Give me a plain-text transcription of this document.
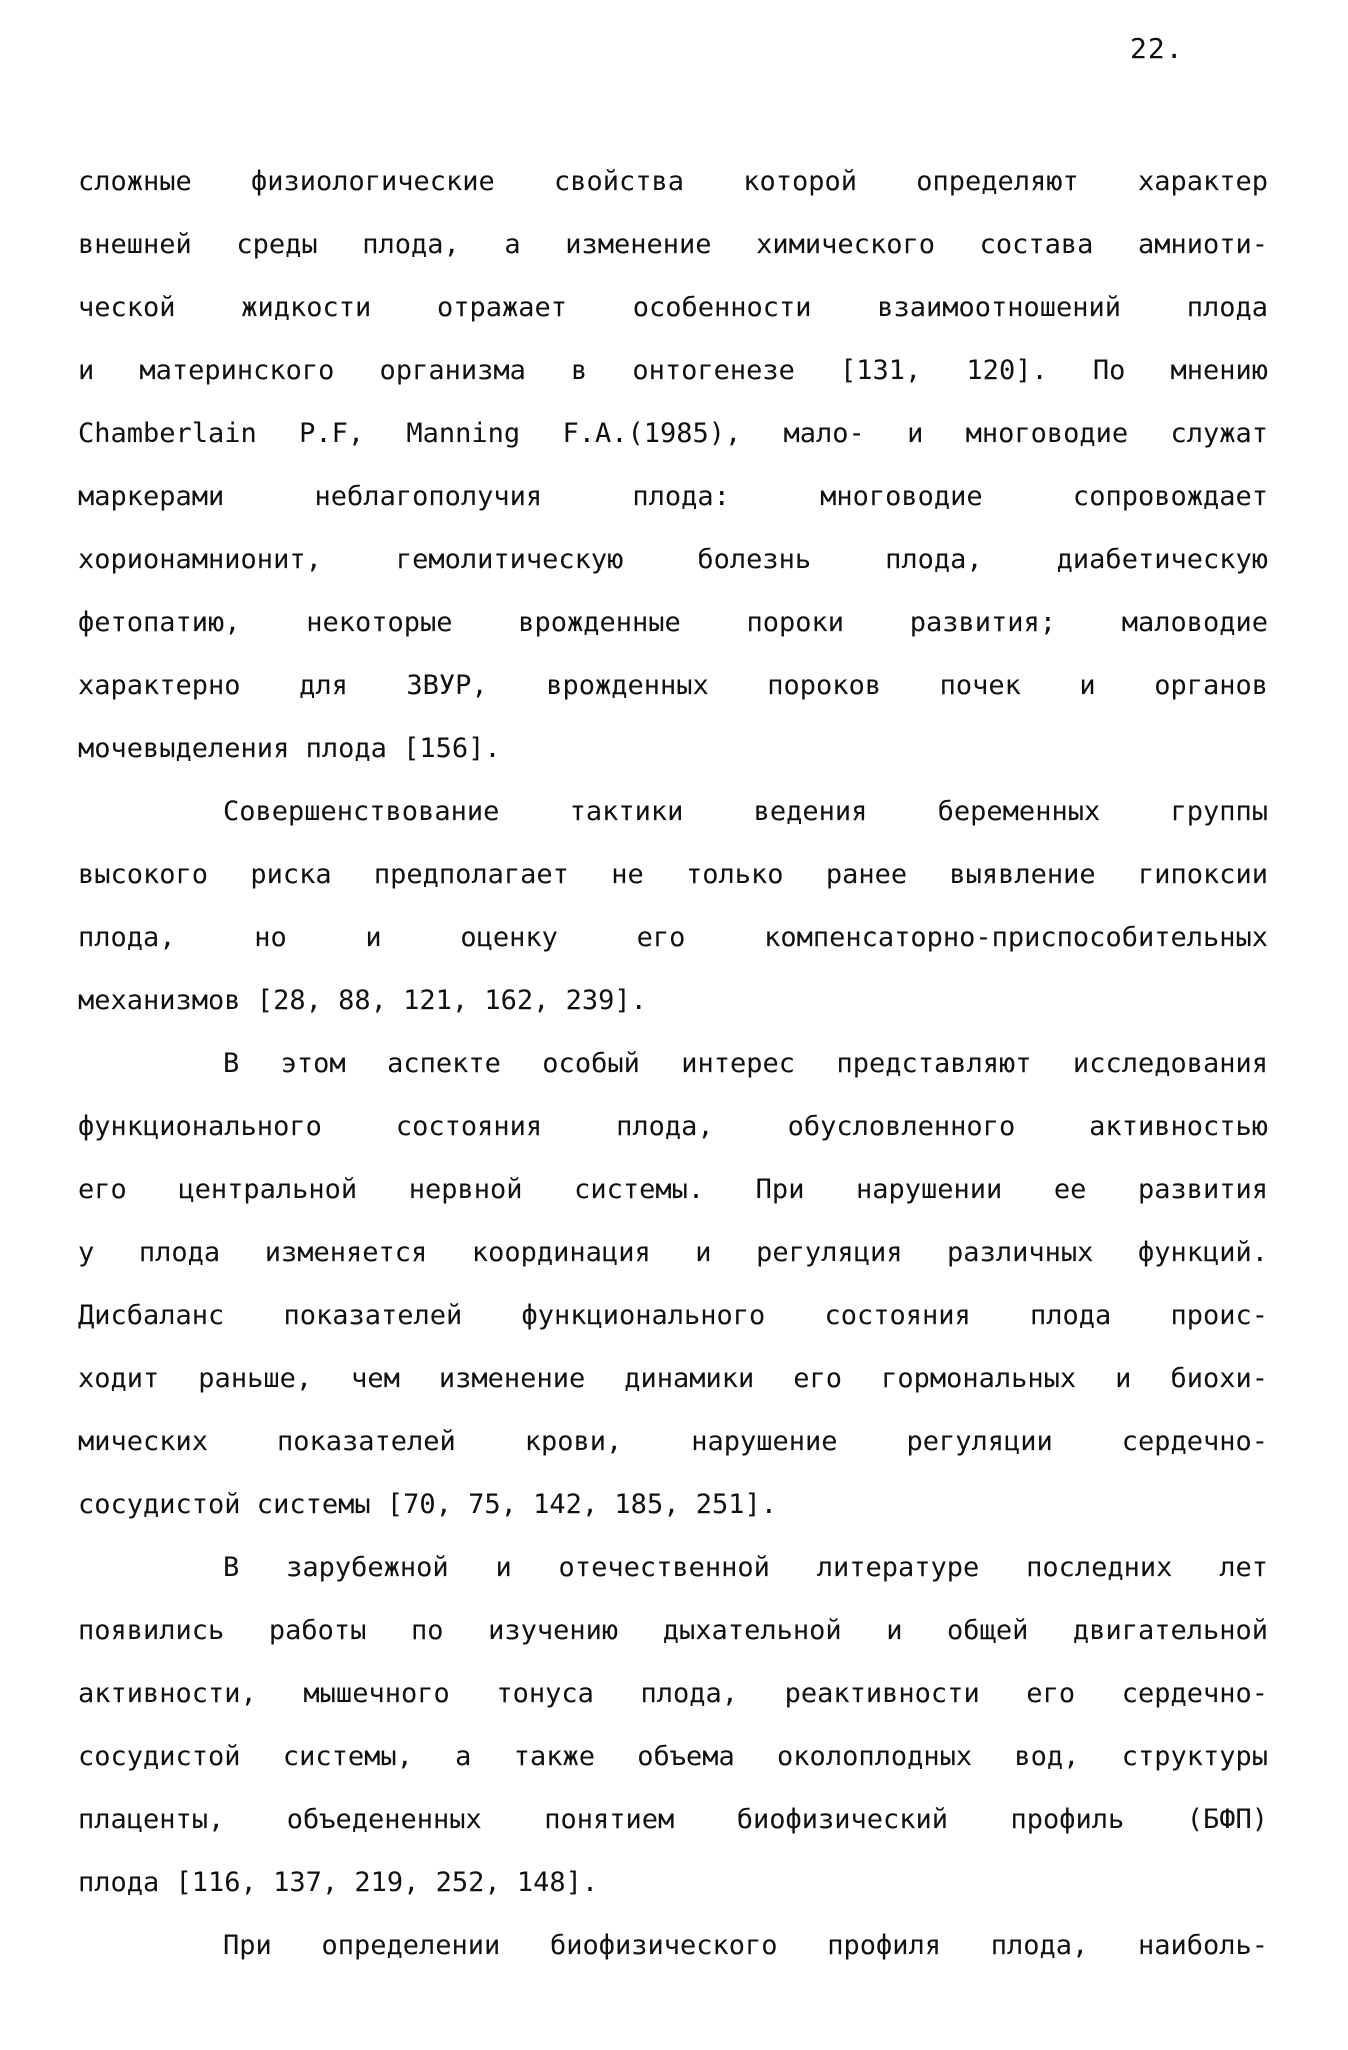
22.
сложные физиологические свойства которой определяют характер
внешней среды плода, а изменение химического состава амниоти-
ческой жидкости отражает особенности взаимоотношений плода
и материнского организма в онтогенезе [131, 120]. По мнению
Chamberlain P.F, Manning F.A.(1985), мало- и многоводие служат
маркерами неблагополучия плода: многоводие сопровождает
хорионамнионит, гемолитическую болезнь плода, диабетическую
фетопатию, некоторые врожденные пороки развития; маловодие
характерно для ЗВУР, врожденных пороков почек и органов
мочевыделения плода [156].
Совершенствование тактики ведения беременных группы
высокого риска предполагает не только ранее выявление гипоксии
плода, но и оценку его компенсаторно-приспособительных
механизмов [28, 88, 121, 162, 239].
В этом аспекте особый интерес представляют исследования
функционального состояния плода, обусловленного активностью
его центральной нервной системы. При нарушении ее развития
у плода изменяется координация и регуляция различных функций.
Дисбаланс показателей функционального состояния плода проис-
ходит раньше, чем изменение динамики его гормональных и биохи-
мических показателей крови, нарушение регуляции сердечно-
сосудистой системы [70, 75, 142, 185, 251].
В зарубежной и отечественной литературе последних лет
появились работы по изучению дыхательной и общей двигательной
активности, мышечного тонуса плода, реактивности его сердечно-
сосудистой системы, а также объема околоплодных вод, структуры
плаценты, объедененных понятием биофизический профиль (БФП)
плода [116, 137, 219, 252, 148].
При определении биофизического профиля плода, наиболь-
